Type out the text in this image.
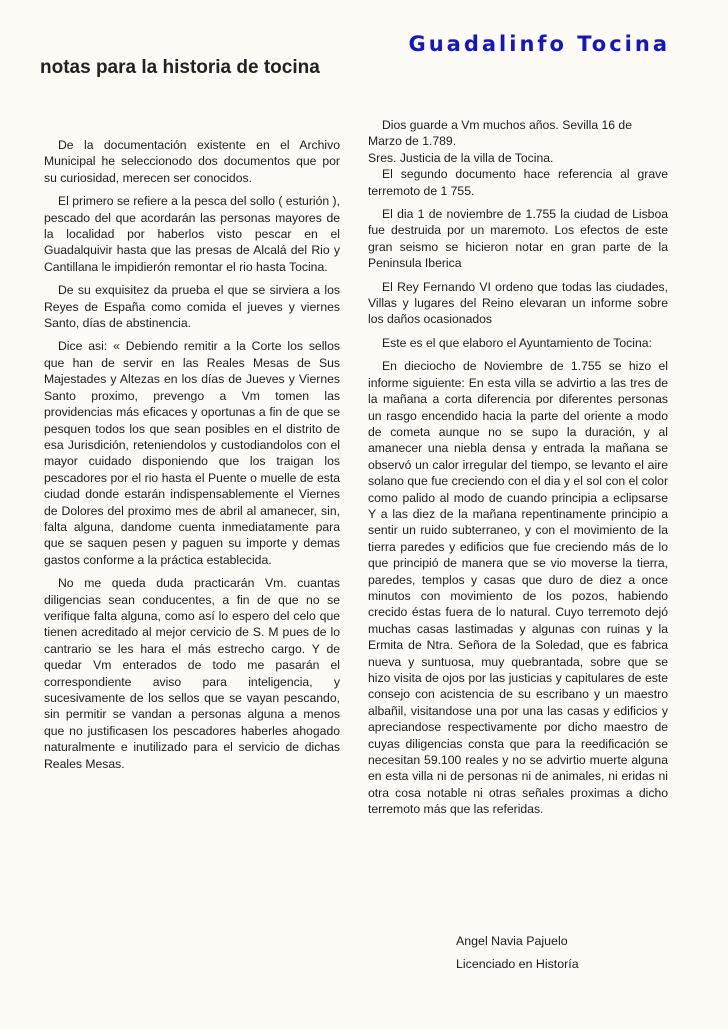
Guadalinfo Tocina
notas para la historia de tocina

De la documentación existente en el Archivo Municipal he seleccionodo dos documentos que por su curiosidad, merecen ser conocidos.

El primero se refiere a la pesca del sollo ( esturión ), pescado del que acordarán las personas mayores de la localidad por haberlos visto pescar en el Guadalquivir hasta que las presas de Alcalá del Rio y Cantillana le impidierón remontar el rio hasta Tocina.

De su exquisitez da prueba el que se sirviera a los Reyes de España como comida el jueves y viernes Santo, días de abstinencia.

Dice asi: « Debiendo remitir a la Corte los sellos que han de servir en las Reales Mesas de Sus Majestades y Altezas en los días de Jueves y Viernes Santo proximo, prevengo a Vm tomen las providencias más eficaces y oportunas a fin de que se pesquen todos los que sean posibles en el distrito de esa Jurisdición, reteniendolos y custodiandolos con el mayor cuidado disponiendo que los traigan los pescadores por el rio hasta el Puente o muelle de esta ciudad donde estarán indispensablemente el Viernes de Dolores del proximo mes de abril al amanecer, sin, falta alguna, dandome cuenta inmediatamente para que se saquen pesen y paguen su importe y demas gastos conforme a la práctica establecida.

No me queda duda practicarán Vm. cuantas diligencias sean conducentes, a fin de que no se verifique falta alguna, como así lo espero del celo que tienen acreditado al mejor cervicio de S. M pues de lo cantrario se les hara el más estrecho cargo. Y de quedar Vm enterados de todo me pasarán el correspondiente aviso para inteligencia, y sucesivamente de los sellos que se vayan pescando, sin permitir se vandan a personas alguna a menos que no justificasen los pescadores haberles ahogado naturalmente e inutilizado para el servicio de dichas Reales Mesas.

Dios guarde a Vm muchos años. Sevilla 16 de

Marzo de 1.789.

Sres. Justicia de la villa de Tocina.

El segundo documento hace referencia al grave terremoto de 1 755.

El dia 1 de noviembre de 1.755 la ciudad de Lisboa fue destruida por un maremoto. Los efectos de este gran seismo se hicieron notar en gran parte de la Peninsula Iberica

El Rey Fernando VI ordeno que todas las ciudades, Villas y lugares del Reino elevaran un informe sobre los daños ocasionados

Este es el que elaboro el Ayuntamiento de Tocina:

En dieciocho de Noviembre de 1.755 se hizo el informe siguiente: En esta villa se advirtio a las tres de la mañana a corta diferencia por diferentes personas un rasgo encendido hacia la parte del oriente a modo de cometa aunque no se supo la duración, y al amanecer una niebla densa y entrada la mañana se observó un calor irregular del tiempo, se levanto el aire solano que fue creciendo con el dia y el sol con el color como palido al modo de cuando principia a eclipsarse Y a las diez de la mañana repentinamente principio a sentir un ruido subterraneo, y con el movimiento de la tierra paredes y edificios que fue creciendo más de lo que principió de manera que se vio moverse la tierra, paredes, templos y casas que duro de diez a once minutos con movimiento de los pozos, habiendo crecido éstas fuera de lo natural. Cuyo terremoto dejó muchas casas lastimadas y algunas con ruinas y la Ermita de Ntra. Señora de la Soledad, que es fabrica nueva y suntuosa, muy quebrantada, sobre que se hizo visita de ojos por las justicias y capitulares de este consejo con acistencia de su escribano y un maestro albañil, visitandose una por una las casas y edificios y apreciandose respectivamente por dicho maestro de cuyas diligencias consta que para la reedificación se necesitan 59.100 reales y no se advirtio muerte alguna en esta villa ni de personas ni de animales, ni eridas ni otra cosa notable ni otras señales proximas a dicho terremoto más que las referidas.

Angel Navia Pajuelo
Licenciado en Historía
